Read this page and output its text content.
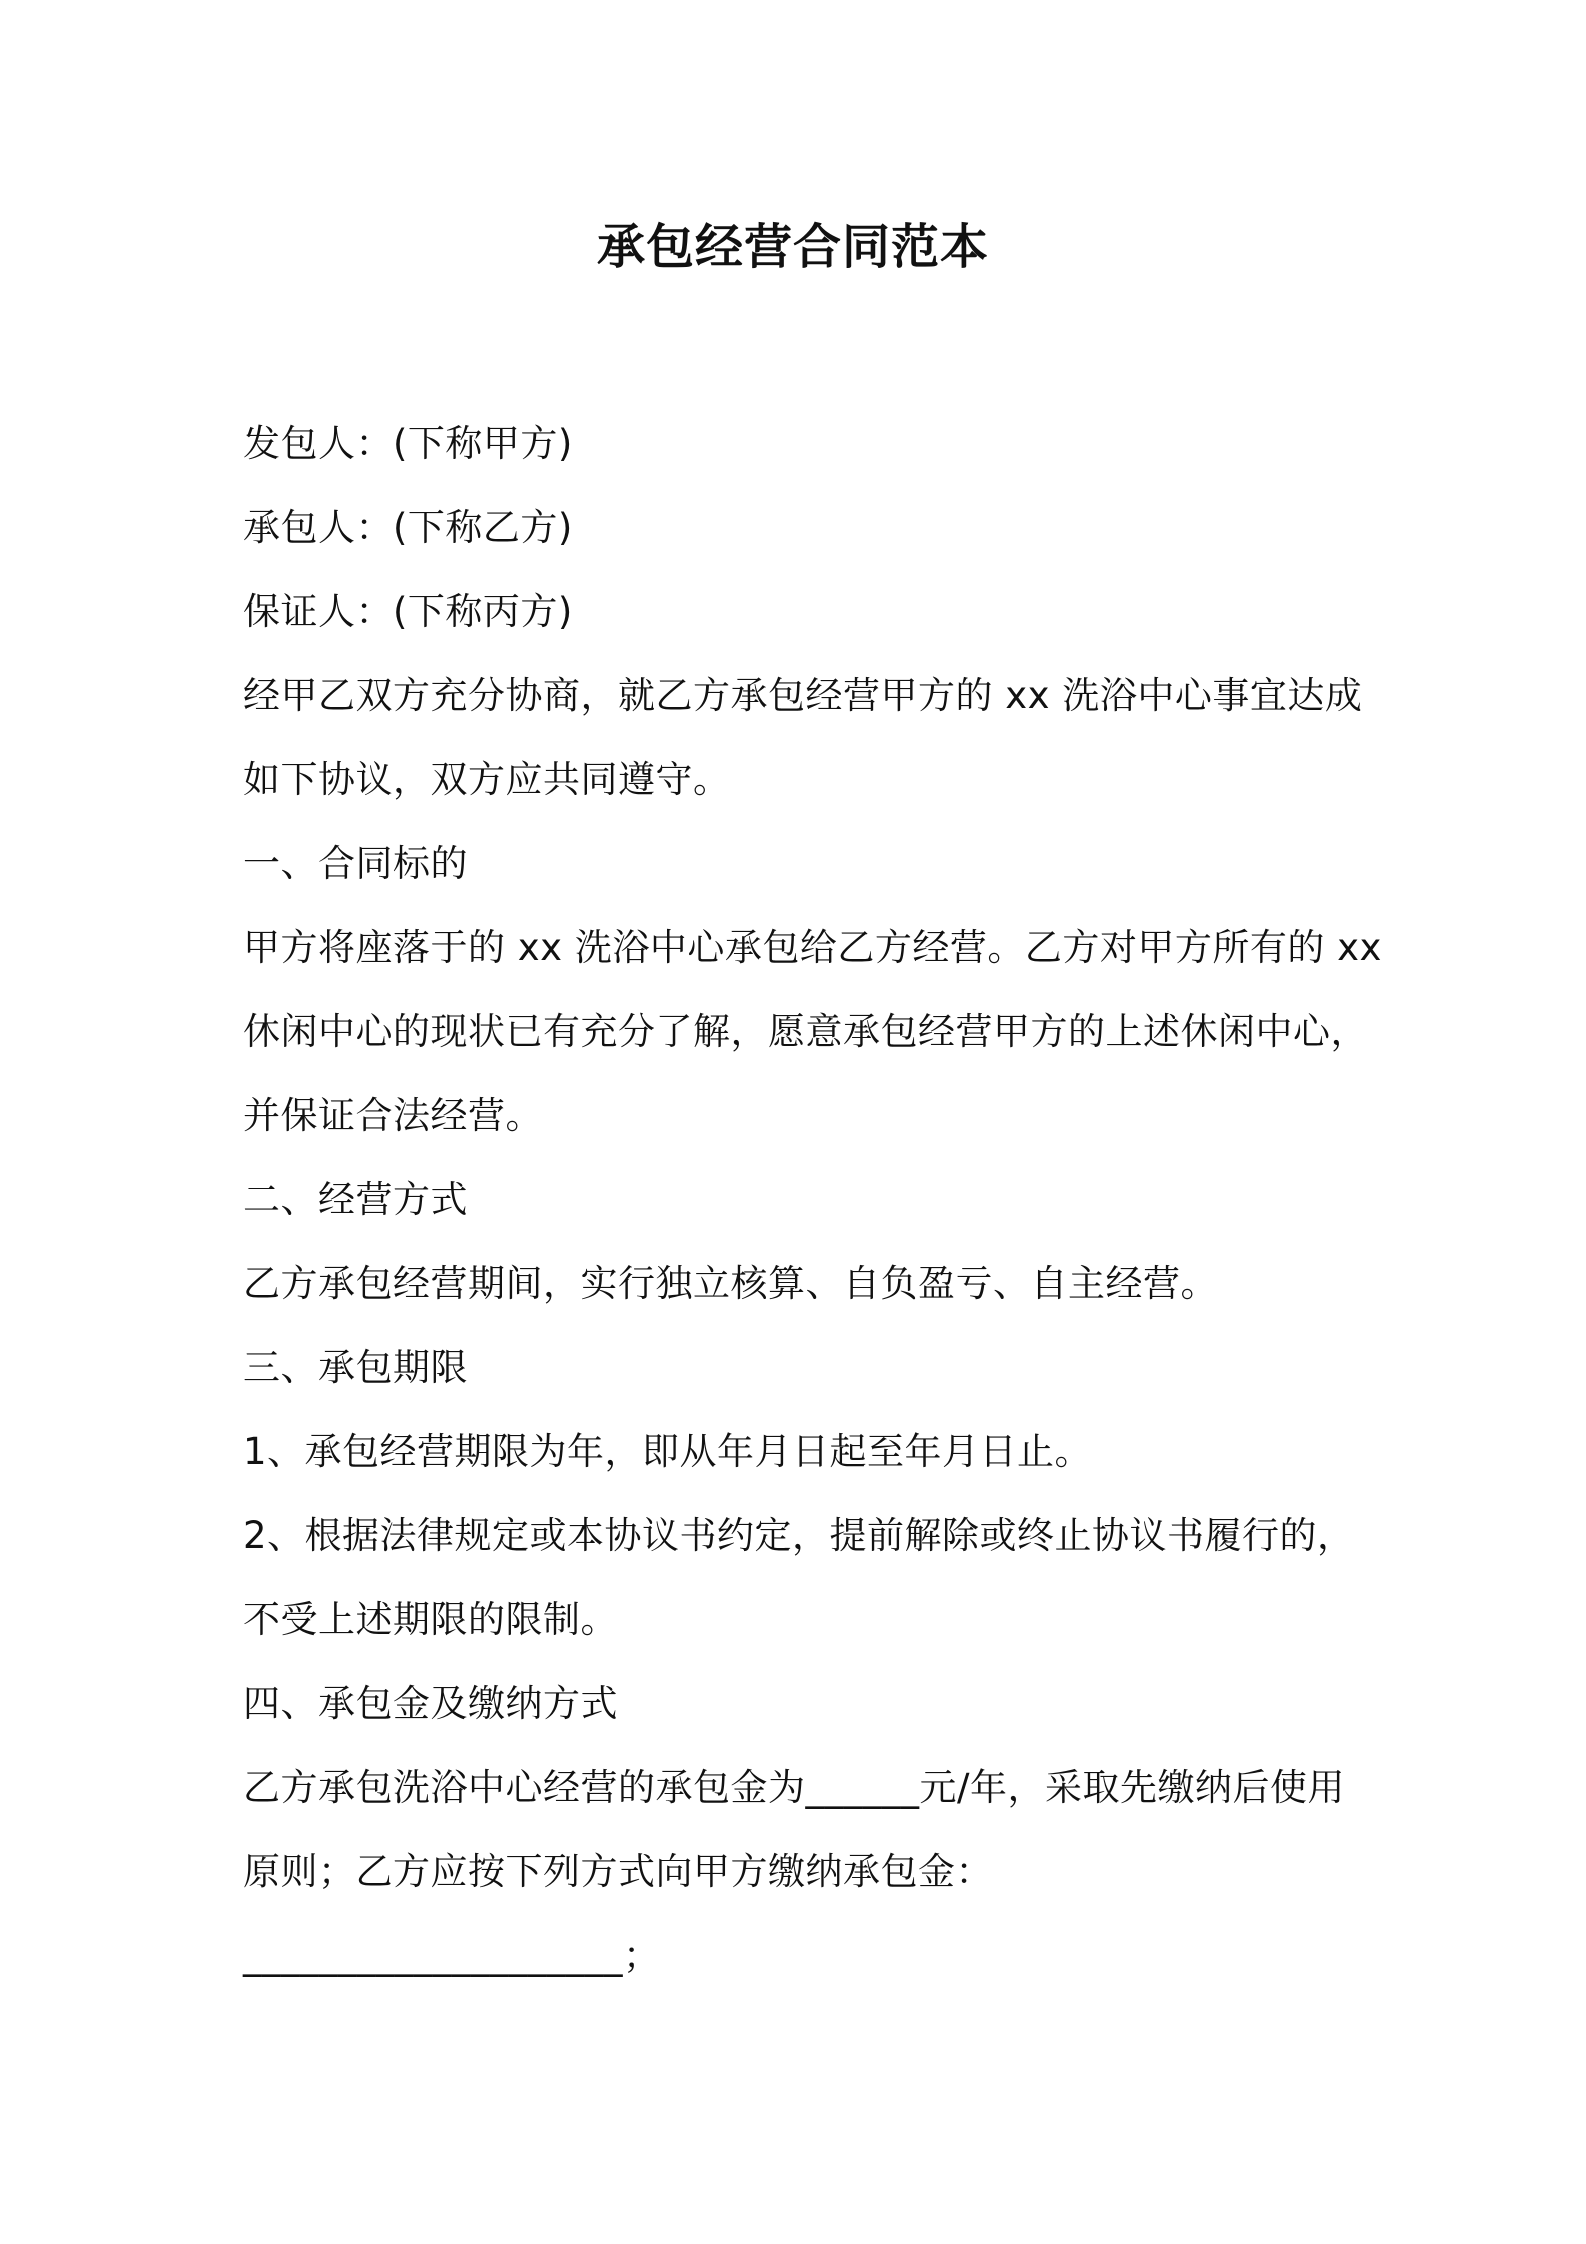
承包经营合同范本
发包人：(下称甲方)
承包人：(下称乙方)
保证人：(下称丙方)
经甲乙双方充分协商，就乙方承包经营甲方的 xx 洗浴中心事宜达成
如下协议，双方应共同遵守。
一、合同标的
甲方将座落于的 xx 洗浴中心承包给乙方经营。乙方对甲方所有的 xx
休闲中心的现状已有充分了解，愿意承包经营甲方的上述休闲中心，
并保证合法经营。
二、经营方式
乙方承包经营期间，实行独立核算、自负盈亏、自主经营。
三、承包期限
1、承包经营期限为年，即从年月日起至年月日止。
2、根据法律规定或本协议书约定，提前解除或终止协议书履行的，
不受上述期限的限制。
四、承包金及缴纳方式
乙方承包洗浴中心经营的承包金为______元/年，采取先缴纳后使用
原则；乙方应按下列方式向甲方缴纳承包金：
____________________；
